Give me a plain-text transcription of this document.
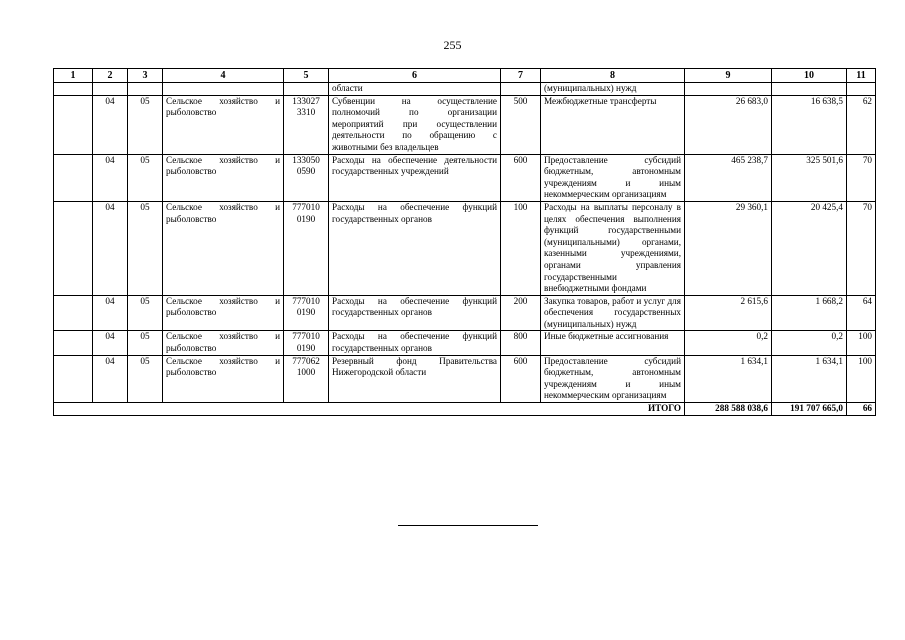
255
1	2	3	4	5	6	7	8	9	10	11
					области		(муниципальных) нужд			
	04	05	Сельское хозяйство и рыболовство	133027 3310	Субвенции на осуществление полномочий по организации мероприятий при осуществлении деятельности по обращению с животными без владельцев	500	Межбюджетные трансферты	26 683,0	16 638,5	62
	04	05	Сельское хозяйство и рыболовство	133050 0590	Расходы на обеспечение деятельности государственных учреждений	600	Предоставление субсидий бюджетным, автономным учреждениям и иным некоммерческим организациям	465 238,7	325 501,6	70
	04	05	Сельское хозяйство и рыболовство	777010 0190	Расходы на обеспечение функций государственных органов	100	Расходы на выплаты персоналу в целях обеспечения выполнения функций государственными (муниципальными) органами, казенными учреждениями, органами управления государственными внебюджетными фондами	29 360,1	20 425,4	70
	04	05	Сельское хозяйство и рыболовство	777010 0190	Расходы на обеспечение функций государственных органов	200	Закупка товаров, работ и услуг для обеспечения государственных (муниципальных) нужд	2 615,6	1 668,2	64
	04	05	Сельское хозяйство и рыболовство	777010 0190	Расходы на обеспечение функций государственных органов	800	Иные бюджетные ассигнования	0,2	0,2	100
	04	05	Сельское хозяйство и рыболовство	777062 1000	Резервный фонд Правительства Нижегородской области	600	Предоставление субсидий бюджетным, автономным учреждениям и иным некоммерческим организациям	1 634,1	1 634,1	100
ИТОГО								288 588 038,6	191 707 665,0	66
